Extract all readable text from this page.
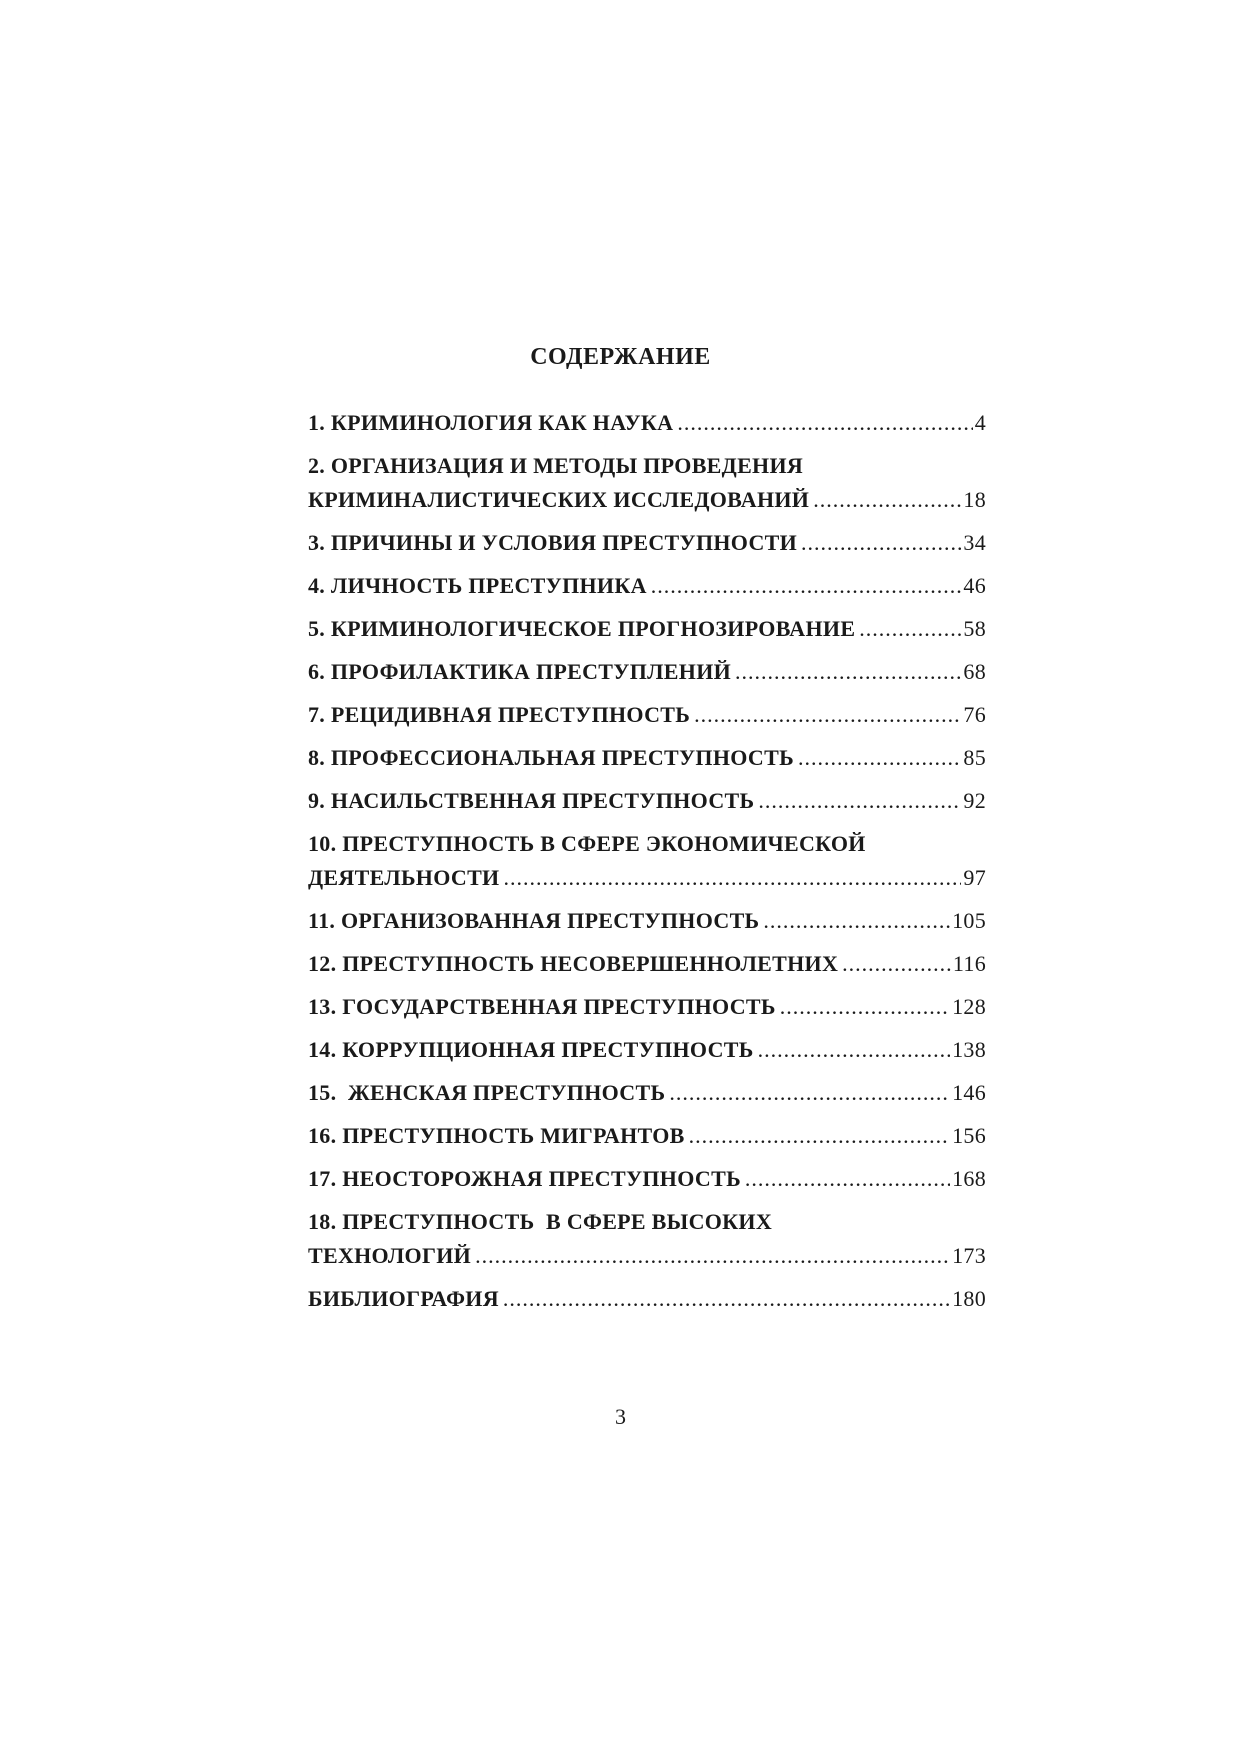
СОДЕРЖАНИЕ
1. КРИМИНОЛОГИЯ КАК НАУКА .....	4
2. ОРГАНИЗАЦИЯ И МЕТОДЫ ПРОВЕДЕНИЯ
КРИМИНАЛИСТИЧЕСКИХ ИССЛЕДОВАНИЙ .....	18
3. ПРИЧИНЫ И УСЛОВИЯ ПРЕСТУПНОСТИ .....	34
4. ЛИЧНОСТЬ ПРЕСТУПНИКА .....	46
5. КРИМИНОЛОГИЧЕСКОЕ ПРОГНОЗИРОВАНИЕ .....	58
6. ПРОФИЛАКТИКА ПРЕСТУПЛЕНИЙ .....	68
7. РЕЦИДИВНАЯ ПРЕСТУПНОСТЬ .....	76
8. ПРОФЕССИОНАЛЬНАЯ ПРЕСТУПНОСТЬ .....	85
9. НАСИЛЬСТВЕННАЯ ПРЕСТУПНОСТЬ .....	92
10. ПРЕСТУПНОСТЬ В СФЕРЕ ЭКОНОМИЧЕСКОЙ
ДЕЯТЕЛЬНОСТИ .....	97
11. ОРГАНИЗОВАННАЯ ПРЕСТУПНОСТЬ .....	105
12. ПРЕСТУПНОСТЬ НЕСОВЕРШЕННОЛЕТНИХ .....	116
13. ГОСУДАРСТВЕННАЯ ПРЕСТУПНОСТЬ .....	128
14. КОРРУПЦИОННАЯ ПРЕСТУПНОСТЬ .....	138
15.  ЖЕНСКАЯ ПРЕСТУПНОСТЬ .....	146
16. ПРЕСТУПНОСТЬ МИГРАНТОВ .....	156
17. НЕОСТОРОЖНАЯ ПРЕСТУПНОСТЬ .....	168
18. ПРЕСТУПНОСТЬ  В СФЕРЕ ВЫСОКИХ
ТЕХНОЛОГИЙ .....	173
БИБЛИОГРАФИЯ .....	180
3
